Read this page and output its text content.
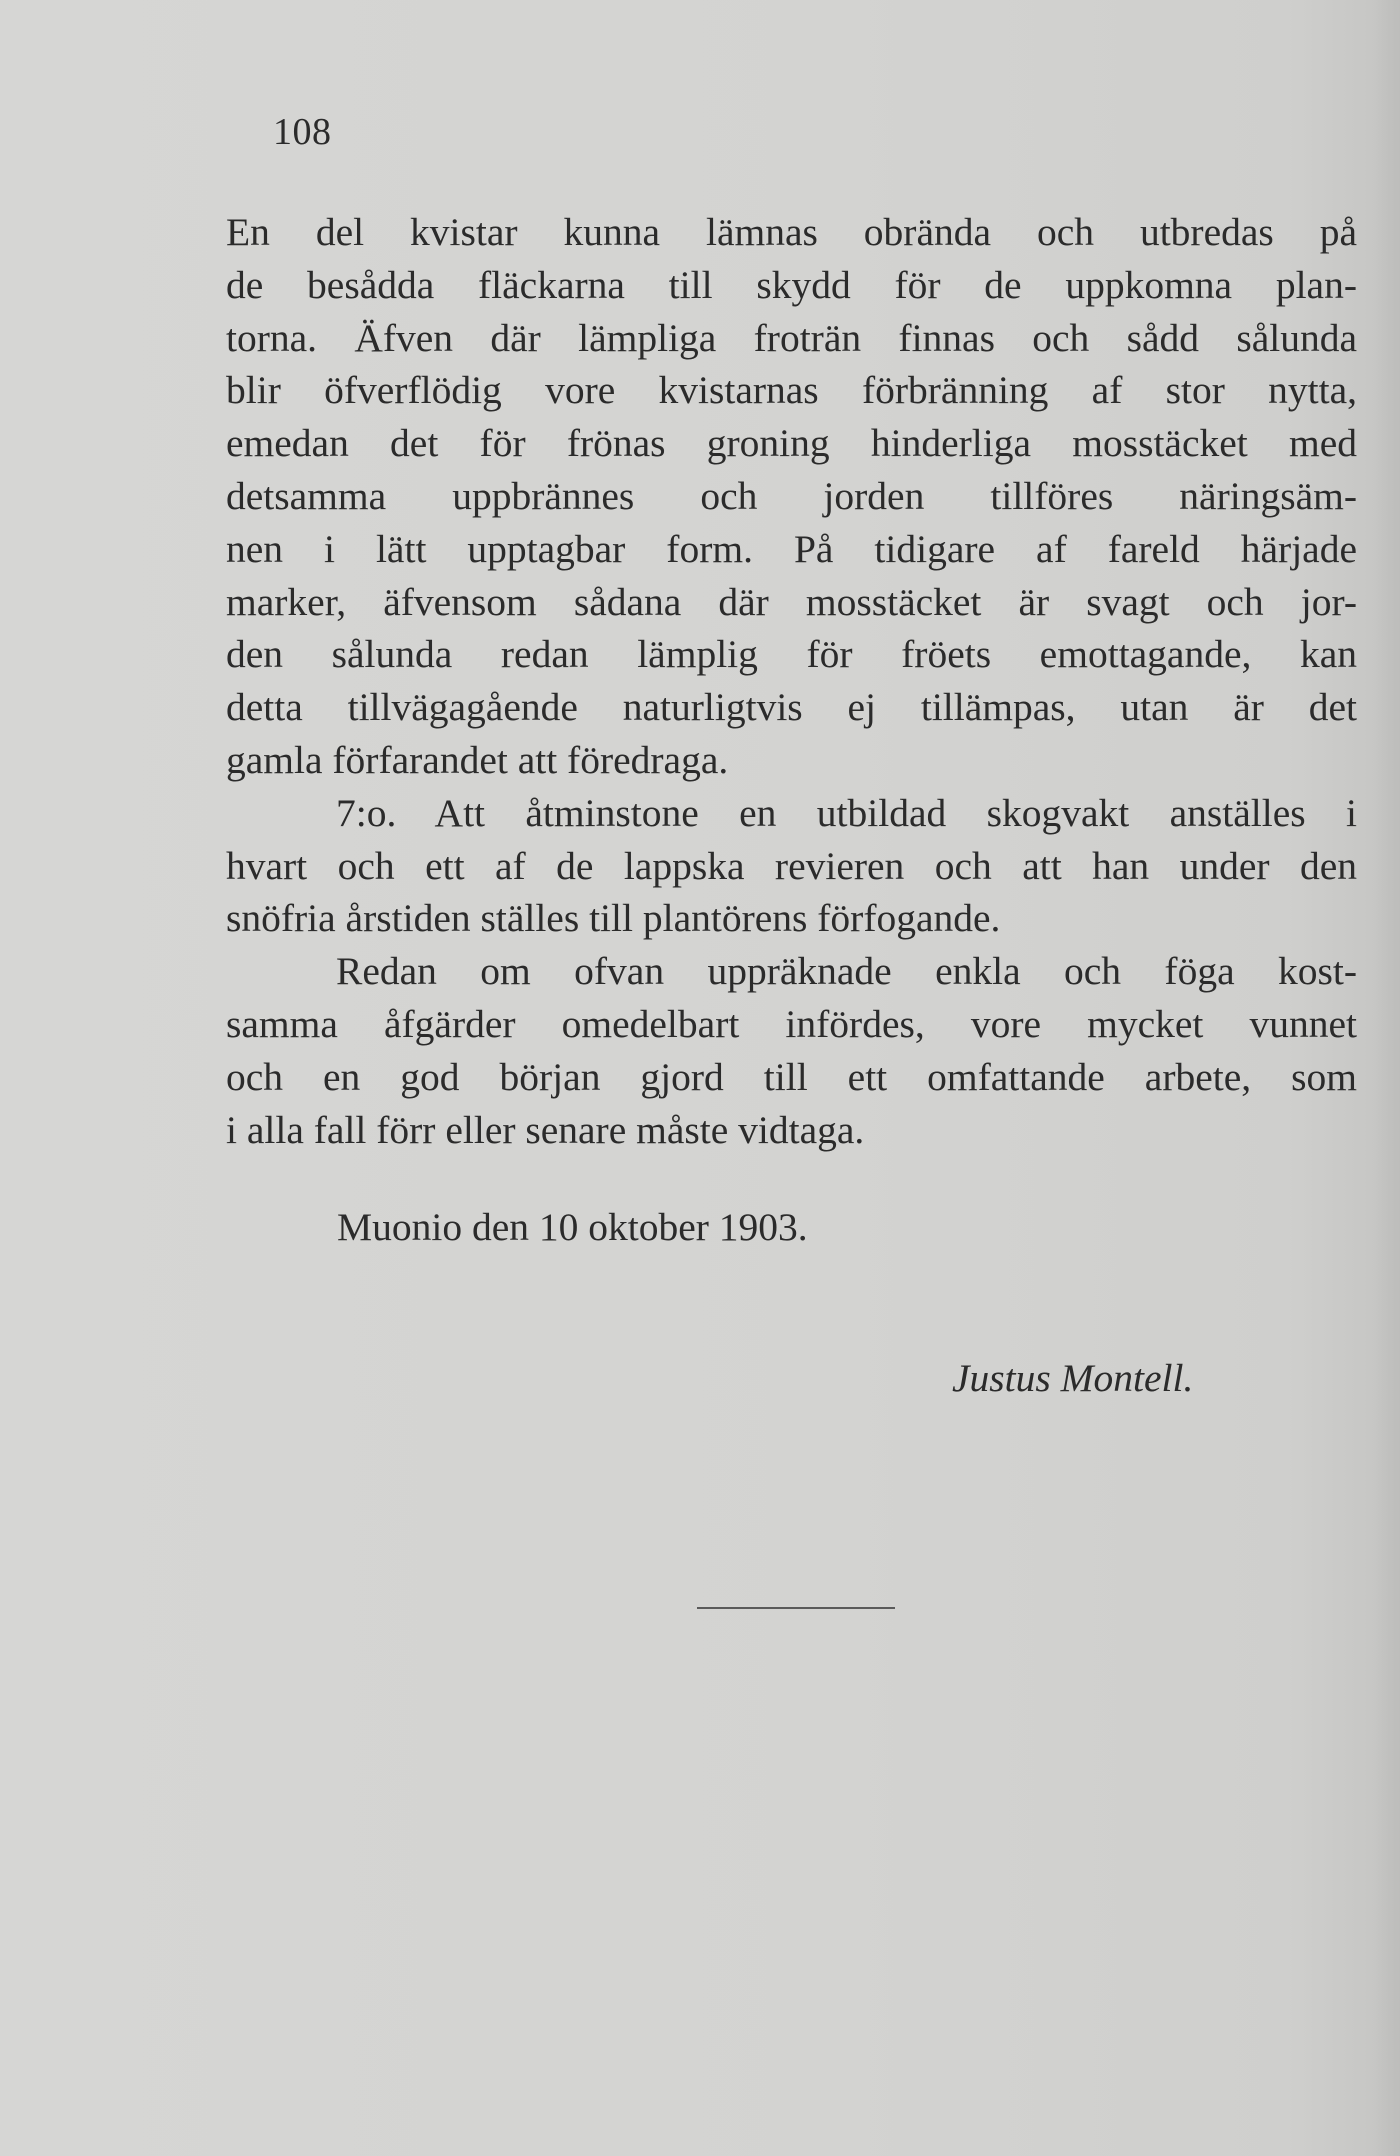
108
En del kvistar kunna lämnas obrända och utbredas på
de besådda fläckarna till skydd för de uppkomna plan-
torna. Äfven där lämpliga froträn finnas och sådd sålunda
blir öfverflödig vore kvistarnas förbränning af stor nytta,
emedan det för frönas groning hinderliga mosstäcket med
detsamma uppbrännes och jorden tillföres näringsäm-
nen i lätt upptagbar form. På tidigare af fareld härjade
marker, äfvensom sådana där mosstäcket är svagt och jor-
den sålunda redan lämplig för fröets emottagande, kan
detta tillvägagående naturligtvis ej tillämpas, utan är det
gamla förfarandet att föredraga.
7:o. Att åtminstone en utbildad skogvakt anställes i
hvart och ett af de lappska revieren och att han under den
snöfria årstiden ställes till plantörens förfogande.
Redan om ofvan uppräknade enkla och föga kost-
samma åfgärder omedelbart infördes, vore mycket vunnet
och en god början gjord till ett omfattande arbete, som
i alla fall förr eller senare måste vidtaga.
Muonio den 10 oktober 1903.
Justus Montell.
